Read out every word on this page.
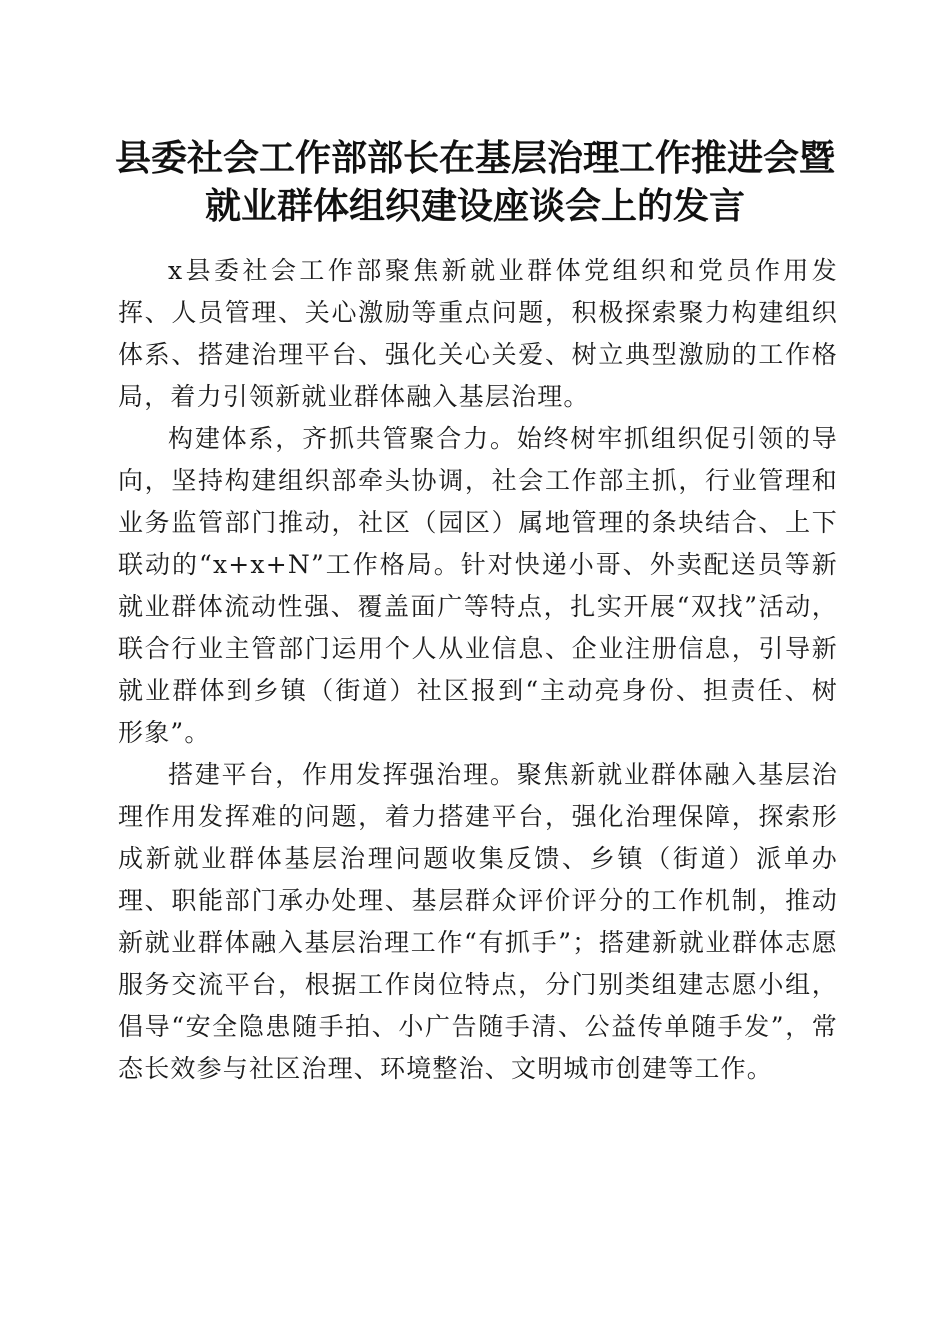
县委社会工作部部长在基层治理工作推进会暨
就业群体组织建设座谈会上的发言

x县委社会工作部聚焦新就业群体党组织和党员作用发挥、人员管理、关心激励等重点问题，积极探索聚力构建组织体系、搭建治理平台、强化关心关爱、树立典型激励的工作格局，着力引领新就业群体融入基层治理。

构建体系，齐抓共管聚合力。始终树牢抓组织促引领的导向，坚持构建组织部牵头协调，社会工作部主抓，行业管理和业务监管部门推动，社区（园区）属地管理的条块结合、上下联动的“x+x+N”工作格局。针对快递小哥、外卖配送员等新就业群体流动性强、覆盖面广等特点，扎实开展“双找”活动，联合行业主管部门运用个人从业信息、企业注册信息，引导新就业群体到乡镇（街道）社区报到“主动亮身份、担责任、树形象”。

搭建平台，作用发挥强治理。聚焦新就业群体融入基层治理作用发挥难的问题，着力搭建平台，强化治理保障，探索形成新就业群体基层治理问题收集反馈、乡镇（街道）派单办理、职能部门承办处理、基层群众评价评分的工作机制，推动新就业群体融入基层治理工作“有抓手”；搭建新就业群体志愿服务交流平台，根据工作岗位特点，分门别类组建志愿小组，倡导“安全隐患随手拍、小广告随手清、公益传单随手发”，常态长效参与社区治理、环境整治、文明城市创建等工作。
